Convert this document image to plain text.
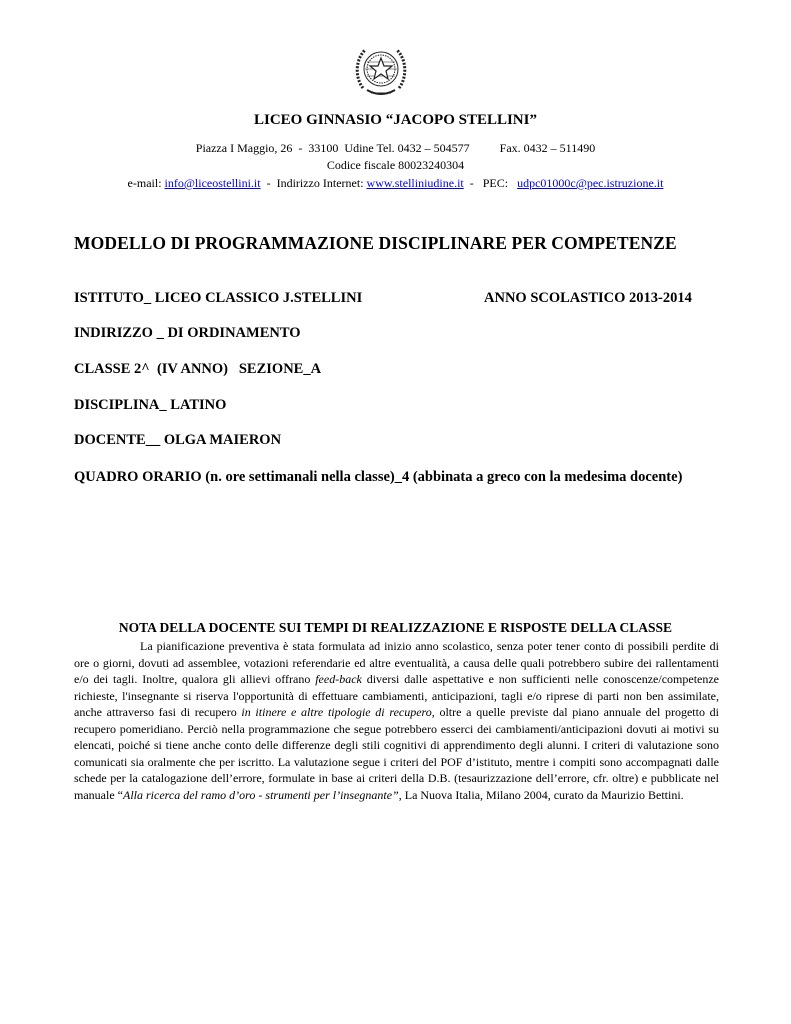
LICEO GINNASIO “JACOPO STELLINI”
Piazza I Maggio, 26  -  33100  Udine Tel. 0432 – 504577	Fax. 0432 – 511490
Codice fiscale 80023240304
e-mail: info@liceostellini.it  -  Indirizzo Internet: www.stelliniudine.it  -   PEC:   udpc01000c@pec.istruzione.it
MODELLO DI PROGRAMMAZIONE DISCIPLINARE PER COMPETENZE
ISTITUTO_ LICEO CLASSICO J.STELLINI	ANNO SCOLASTICO 2013-2014
INDIRIZZO _ DI ORDINAMENTO
CLASSE 2^  (IV ANNO)   SEZIONE_A
DISCIPLINA_ LATINO
DOCENTE__ OLGA MAIERON
QUADRO ORARIO (n. ore settimanali nella classe)_4 (abbinata a greco con la medesima docente)
NOTA DELLA DOCENTE SUI TEMPI DI REALIZZAZIONE E RISPOSTE DELLA CLASSE
La pianificazione preventiva è stata formulata ad inizio anno scolastico, senza poter tener conto di possibili perdite di ore o giorni, dovuti ad assemblee, votazioni referendarie ed altre eventualità, a causa delle quali potrebbero subire dei rallentamenti e/o dei tagli. Inoltre, qualora gli allievi offrano feed-back diversi dalle aspettative e non sufficienti nelle conoscenze/competenze richieste, l'insegnante si riserva l'opportunità di effettuare cambiamenti, anticipazioni, tagli e/o riprese di parti non ben assimilate, anche attraverso fasi di recupero in itinere e altre tipologie di recupero, oltre a quelle previste dal piano annuale del progetto di recupero pomeridiano. Perciò nella programmazione che segue potrebbero esserci dei cambiamenti/anticipazioni dovuti ai motivi su elencati, poiché si tiene anche conto delle differenze degli stili cognitivi di apprendimento degli alunni. I criteri di valutazione sono comunicati sia oralmente che per iscritto. La valutazione segue i criteri del POF d’istituto, mentre i compiti sono accompagnati dalle schede per la catalogazione dell’errore, formulate in base ai criteri della D.B. (tesaurizzazione dell’errore, cfr. oltre) e pubblicate nel manuale “Alla ricerca del ramo d’oro - strumenti per l’insegnante”, La Nuova Italia, Milano 2004, curato da Maurizio Bettini.
